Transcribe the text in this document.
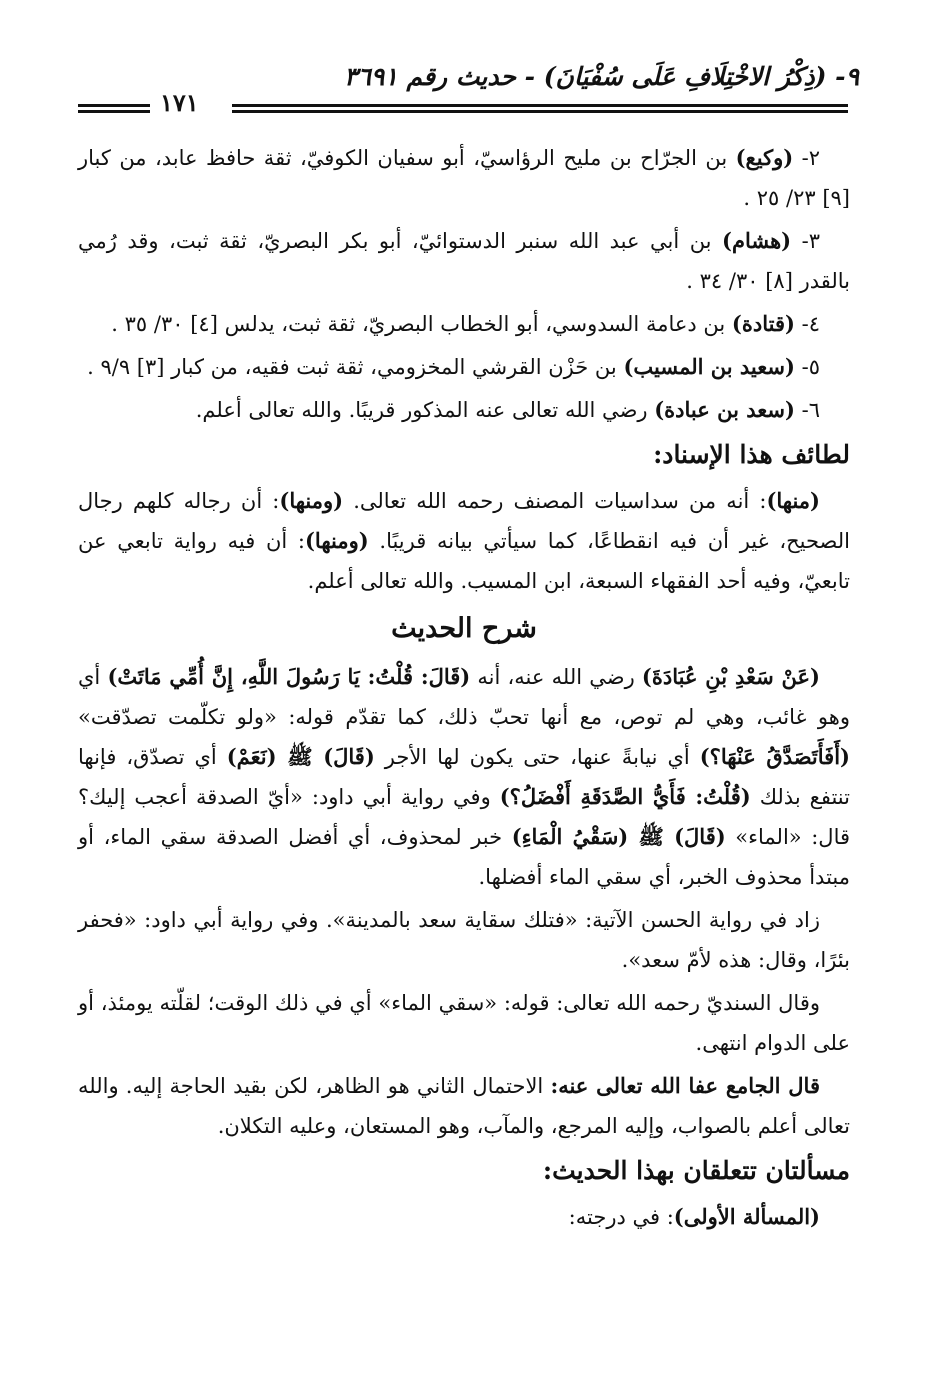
٩- (ذِكْرُ الاخْتِلَافِ عَلَى سُفْيَانَ) - حديث رقم ٣٦٩١
١٧١

٢- (وكيع) بن الجرّاح بن مليح الرؤاسيّ، أبو سفيان الكوفيّ، ثقة حافظ عابد، من كبار [٩] ٢٣/ ٢٥ .

٣- (هشام) بن أبي عبد الله سنبر الدستوائيّ، أبو بكر البصريّ، ثقة ثبت، وقد رُمي بالقدر [٨] ٣٠/ ٣٤ .

٤- (قتادة) بن دعامة السدوسي، أبو الخطاب البصريّ، ثقة ثبت، يدلس [٤] ٣٠/ ٣٥ .

٥- (سعيد بن المسيب) بن حَزْن القرشي المخزومي، ثقة ثبت فقيه، من كبار [٣] ٩/٩ .

٦- (سعد بن عبادة) رضي الله تعالى عنه المذكور قريبًا. والله تعالى أعلم.

لطائف هذا الإسناد:

(منها): أنه من سداسيات المصنف رحمه الله تعالى. (ومنها): أن رجاله كلهم رجال الصحيح، غير أن فيه انقطاعًا، كما سيأتي بيانه قريبًا. (ومنها): أن فيه رواية تابعي عن تابعيّ، وفيه أحد الفقهاء السبعة، ابن المسيب. والله تعالى أعلم.

شرح الحديث

(عَنْ سَعْدِ بْنِ عُبَادَةَ) رضي الله عنه، أنه (قَالَ: قُلْتُ: يَا رَسُولَ اللَّهِ، إِنَّ أُمِّي مَاتَتْ) أي وهو غائب، وهي لم توص، مع أنها تحبّ ذلك، كما تقدّم قوله: «ولو تكلّمت تصدّقت» (أَفَأَتَصَدَّقُ عَنْهَا؟) أي نيابةً عنها، حتى يكون لها الأجر (قَالَ) ﷺ (نَعَمْ) أي تصدّق، فإنها تنتفع بذلك (قُلْتُ: فَأَيُّ الصَّدَقَةِ أَفْضَلُ؟) وفي رواية أبي داود: «أيّ الصدقة أعجب إليك؟ قال: «الماء» (قَالَ) ﷺ (سَقْيُ الْمَاءِ) خبر لمحذوف، أي أفضل الصدقة سقي الماء، أو مبتدأ محذوف الخبر، أي سقي الماء أفضلها.

زاد في رواية الحسن الآتية: «فتلك سقاية سعد بالمدينة». وفي رواية أبي داود: «فحفر بئرًا، وقال: هذه لأمّ سعد».

وقال السنديّ رحمه الله تعالى: قوله: «سقي الماء» أي في ذلك الوقت؛ لقلّته يومئذ، أو على الدوام انتهى.

قال الجامع عفا الله تعالى عنه: الاحتمال الثاني هو الظاهر، لكن بقيد الحاجة إليه. والله تعالى أعلم بالصواب، وإليه المرجع، والمآب، وهو المستعان، وعليه التكلان.

مسألتان تتعلقان بهذا الحديث:

(المسألة الأولى): في درجته:
